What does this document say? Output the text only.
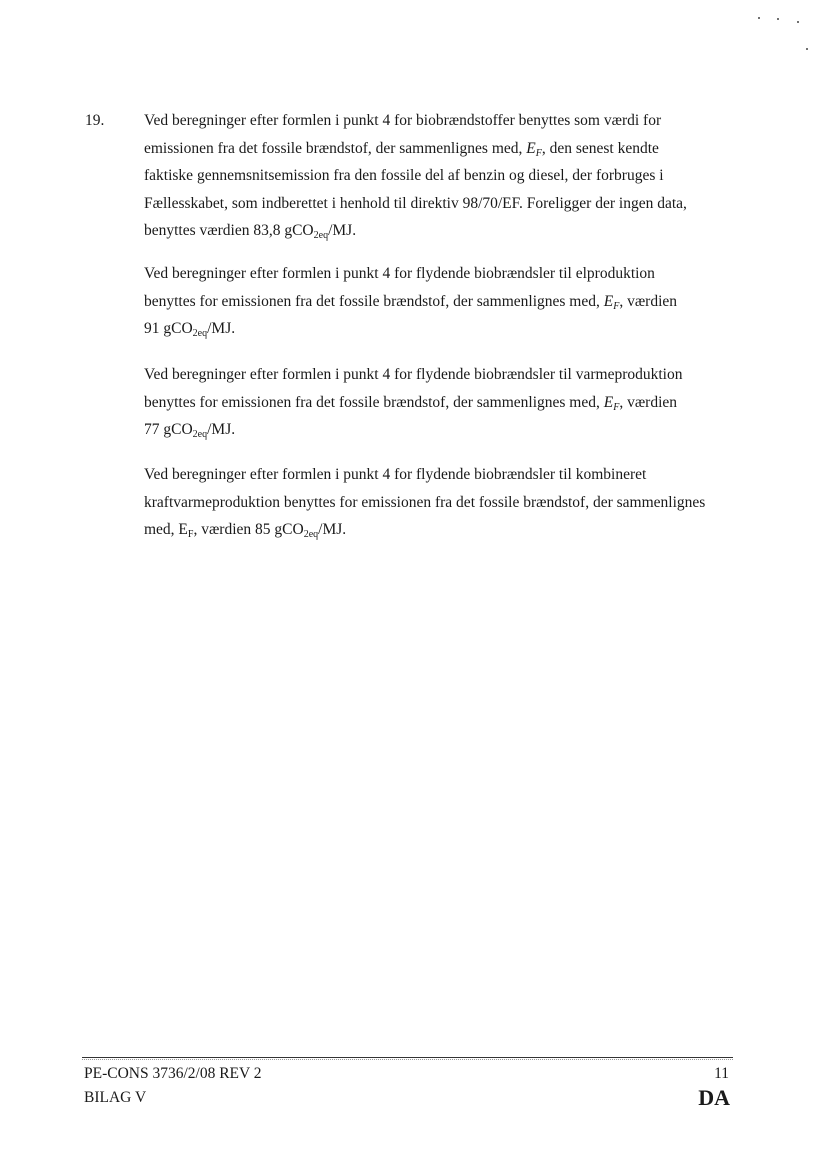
19.	Ved beregninger efter formlen i punkt 4 for biobrændstoffer benyttes som værdi for
emissionen fra det fossile brændstof, der sammenlignes med, $E_F$, den senest kendte
faktiske gennemsnitsemission fra den fossile del af benzin og diesel, der forbruges i
Fællesskabet, som indberettet i henhold til direktiv 98/70/EF. Foreligger der ingen data,
benyttes værdien 83,8 gCO$_{2eq}$/MJ.
Ved beregninger efter formlen i punkt 4 for flydende biobrændsler til elproduktion
benyttes for emissionen fra det fossile brændstof, der sammenlignes med, $E_F$, værdien
91 gCO$_{2eq}$/MJ.
Ved beregninger efter formlen i punkt 4 for flydende biobrændsler til varmeproduktion
benyttes for emissionen fra det fossile brændstof, der sammenlignes med, $E_F$, værdien
77 gCO$_{2eq}$/MJ.
Ved beregninger efter formlen i punkt 4 for flydende biobrændsler til kombineret
kraftvarmeproduktion benyttes for emissionen fra det fossile brændstof, der sammenlignes
med, $E_F$, værdien 85 gCO$_{2eq}$/MJ.
PE-CONS 3736/2/08 REV 2
BILAG V
11
DA
